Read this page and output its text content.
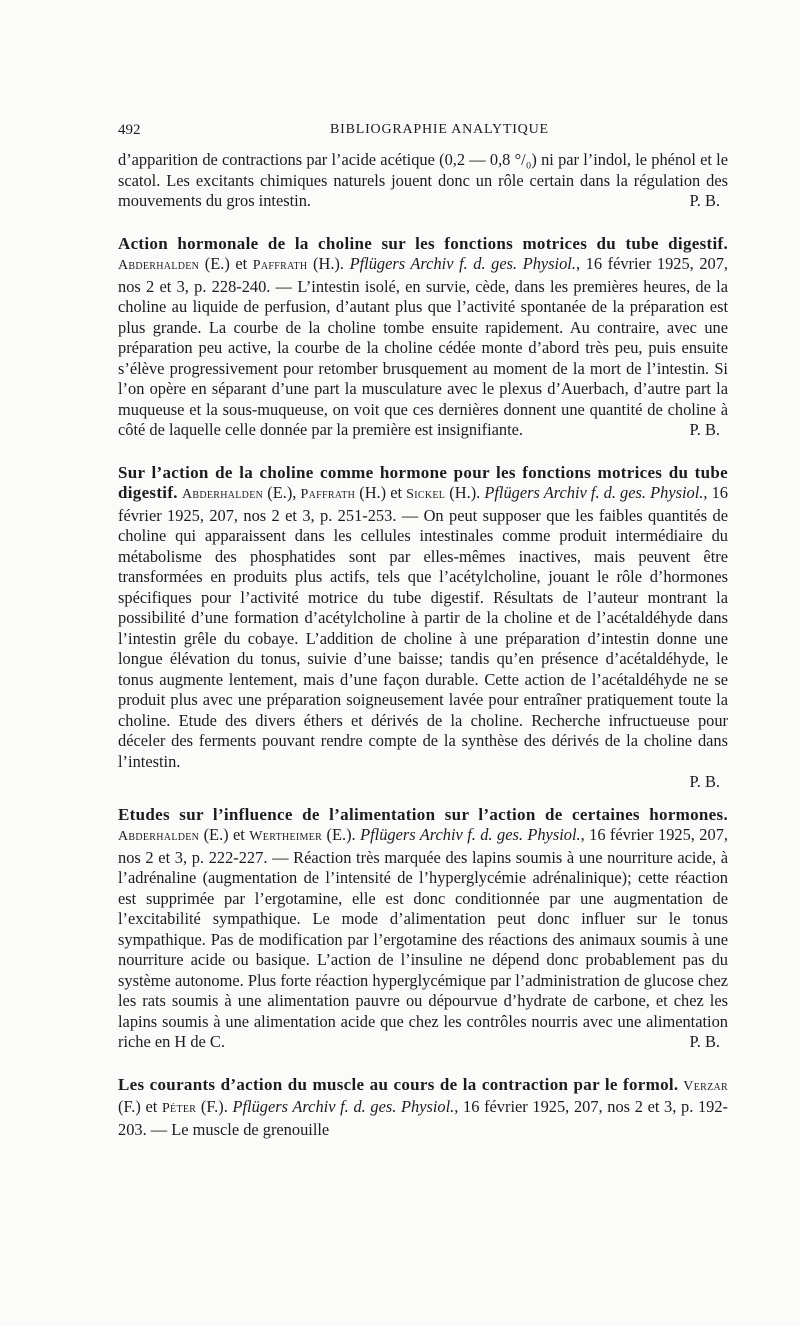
492	BIBLIOGRAPHIE ANALYTIQUE

d’apparition de contractions par l’acide acétique (0,2 — 0,8 °/₀) ni par l’indol, le phénol et le scatol. Les excitants chimiques naturels jouent donc un rôle certain dans la régulation des mouvements du gros intestin.	P. B.

Action hormonale de la choline sur les fonctions motrices du tube digestif. Abderhalden (E.) et Paffrath (H.). Pflügers Archiv f. d. ges. Physiol., 16 février 1925, 207, nos 2 et 3, p. 228-240. — L’intestin isolé, en survie, cède, dans les premières heures, de la choline au liquide de perfusion, d’autant plus que l’activité spontanée de la préparation est plus grande. La courbe de la choline tombe ensuite rapidement. Au contraire, avec une préparation peu active, la courbe de la choline cédée monte d’abord très peu, puis ensuite s’élève progressivement pour retomber brusquement au moment de la mort de l’intestin. Si l’on opère en séparant d’une part la musculature avec le plexus d’Auerbach, d’autre part la muqueuse et la sous-muqueuse, on voit que ces dernières donnent une quantité de choline à côté de laquelle celle donnée par la première est insignifiante.	P. B.

Sur l’action de la choline comme hormone pour les fonctions motrices du tube digestif. Abderhalden (E.), Paffrath (H.) et Sickel (H.). Pflügers Archiv f. d. ges. Physiol., 16 février 1925, 207, nos 2 et 3, p. 251-253. — On peut supposer que les faibles quantités de choline qui apparaissent dans les cellules intestinales comme produit intermédiaire du métabolisme des phosphatides sont par elles-mêmes inactives, mais peuvent être transformées en produits plus actifs, tels que l’acétylcholine, jouant le rôle d’hormones spécifiques pour l’activité motrice du tube digestif. Résultats de l’auteur montrant la possibilité d’une formation d’acétylcholine à partir de la choline et de l’acétaldéhyde dans l’intestin grêle du cobaye. L’addition de choline à une préparation d’intestin donne une longue élévation du tonus, suivie d’une baisse; tandis qu’en présence d’acétaldéhyde, le tonus augmente lentement, mais d’une façon durable. Cette action de l’acétaldéhyde ne se produit plus avec une préparation soigneusement lavée pour entraîner pratiquement toute la choline. Etude des divers éthers et dérivés de la choline. Recherche infructueuse pour déceler des ferments pouvant rendre compte de la synthèse des dérivés de la choline dans l’intestin.

P. B.

Etudes sur l’influence de l’alimentation sur l’action de certaines hormones. Abderhalden (E.) et Wertheimer (E.). Pflügers Archiv f. d. ges. Physiol., 16 février 1925, 207, nos 2 et 3, p. 222-227. — Réaction très marquée des lapins soumis à une nourriture acide, à l’adrénaline (augmentation de l’intensité de l’hyperglycémie adrénalinique); cette réaction est supprimée par l’ergotamine, elle est donc conditionnée par une augmentation de l’excitabilité sympathique. Le mode d’alimentation peut donc influer sur le tonus sympathique. Pas de modification par l’ergotamine des réactions des animaux soumis à une nourriture acide ou basique. L’action de l’insuline ne dépend donc probablement pas du système autonome. Plus forte réaction hyperglycémique par l’administration de glucose chez les rats soumis à une alimentation pauvre ou dépourvue d’hydrate de carbone, et chez les lapins soumis à une alimentation acide que chez les contrôles nourris avec une alimentation riche en H de C.	P. B.

Les courants d’action du muscle au cours de la contraction par le formol. Verzar (F.) et Péter (F.). Pflügers Archiv f. d. ges. Physiol., 16 février 1925, 207, nos 2 et 3, p. 192-203. — Le muscle de grenouille
